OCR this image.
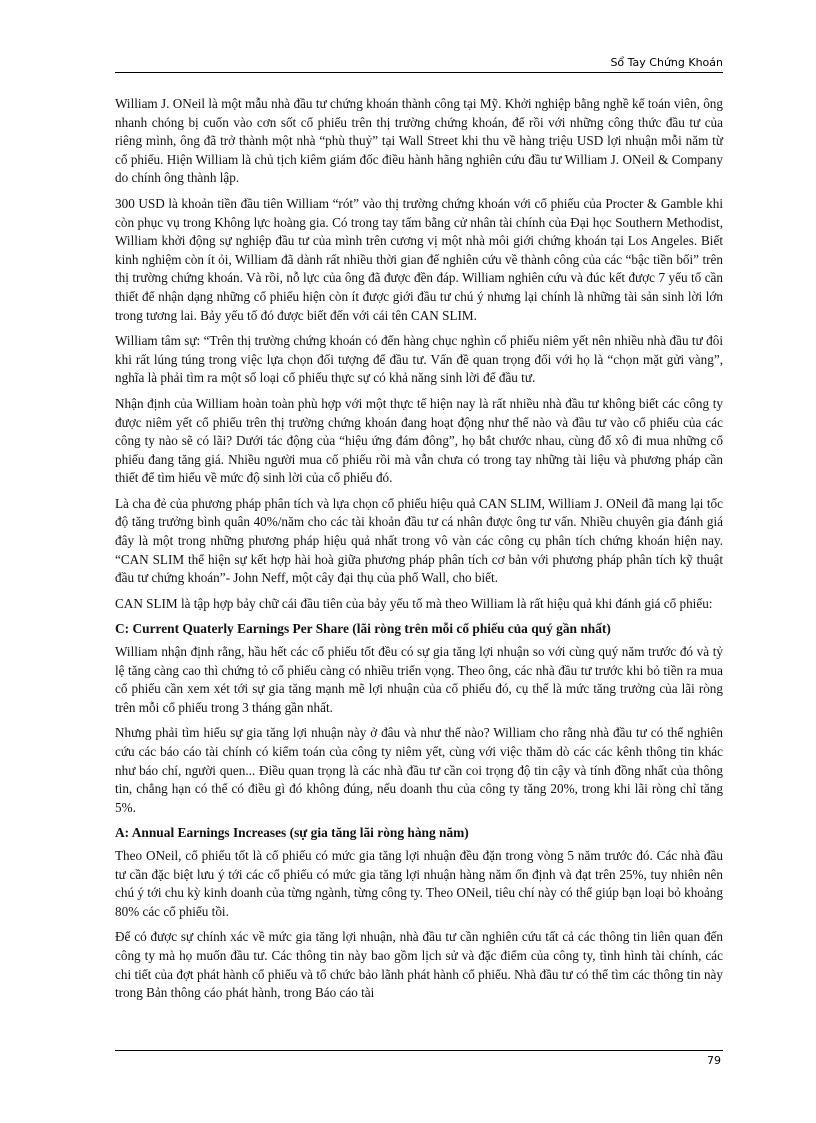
Sổ Tay Chứng Khoán

William J. ONeil là một mẫu nhà đầu tư chứng khoán thành công tại Mỹ. Khởi nghiệp bằng nghề kế toán viên, ông nhanh chóng bị cuốn vào cơn sốt cổ phiếu trên thị trường chứng khoán, để rồi với những công thức đầu tư của riêng mình, ông đã trở thành một nhà “phù thuỷ” tại Wall Street khi thu về hàng triệu USD lợi nhuận mỗi năm từ cổ phiếu. Hiện William là chủ tịch kiêm giám đốc điều hành hãng nghiên cứu đầu tư William J. ONeil & Company do chính ông thành lập.

300 USD là khoản tiền đầu tiên William “rót” vào thị trường chứng khoán với cổ phiếu của Procter & Gamble khi còn phục vụ trong Không lực hoàng gia. Có trong tay tấm bằng cử nhân tài chính của Đại học Southern Methodist, William khởi động sự nghiệp đầu tư của mình trên cương vị một nhà môi giới chứng khoán tại Los Angeles. Biết kinh nghiệm còn ít ỏi, William đã dành rất nhiều thời gian để nghiên cứu về thành công của các “bậc tiền bối” trên thị trường chứng khoán. Và rồi, nỗ lực của ông đã được đền đáp. William nghiên cứu và đúc kết được 7 yếu tố cần thiết để nhận dạng những cổ phiếu hiện còn ít được giới đầu tư chú ý nhưng lại chính là những tài sản sinh lời lớn trong tương lai. Bảy yếu tố đó được biết đến với cái tên CAN SLIM.

William tâm sự: “Trên thị trường chứng khoán có đến hàng chục nghìn cổ phiếu niêm yết nên nhiều nhà đầu tư đôi khi rất lúng túng trong việc lựa chọn đối tượng để đầu tư. Vấn đề quan trọng đối với họ là “chọn mặt gửi vàng”, nghĩa là phải tìm ra một số loại cổ phiếu thực sự có khả năng sinh lời để đầu tư.

Nhận định của William hoàn toàn phù hợp với một thực tế hiện nay là rất nhiều nhà đầu tư không biết các công ty được niêm yết cổ phiếu trên thị trường chứng khoán đang hoạt động như thế nào và đầu tư vào cổ phiếu của các công ty nào sẽ có lãi? Dưới tác động của “hiệu ứng đám đông”, họ bắt chước nhau, cùng đổ xô đi mua những cổ phiếu đang tăng giá. Nhiều người mua cổ phiếu rồi mà vẫn chưa có trong tay những tài liệu và phương pháp cần thiết để tìm hiểu về mức độ sinh lời của cổ phiếu đó.

Là cha đẻ của phương pháp phân tích và lựa chọn cổ phiếu hiệu quả CAN SLIM, William J. ONeil đã mang lại tốc độ tăng trưởng bình quân 40%/năm cho các tài khoản đầu tư cá nhân được ông tư vấn. Nhiều chuyên gia đánh giá đây là một trong những phương pháp hiệu quả nhất trong vô vàn các công cụ phân tích chứng khoán hiện nay. “CAN SLIM thể hiện sự kết hợp hài hoà giữa phương pháp phân tích cơ bản với phương pháp phân tích kỹ thuật đầu tư chứng khoán”- John Neff, một cây đại thụ của phố Wall, cho biết.

CAN SLIM là tập hợp bảy chữ cái đầu tiên của bảy yếu tố mà theo William là rất hiệu quả khi đánh giá cổ phiếu:

C: Current Quaterly Earnings Per Share (lãi ròng trên mỗi cổ phiếu của quý gần nhất)

William nhận định rằng, hầu hết các cổ phiếu tốt đều có sự gia tăng lợi nhuận so với cùng quý năm trước đó và tỷ lệ tăng càng cao thì chứng tỏ cổ phiếu càng có nhiều triển vọng. Theo ông, các nhà đầu tư trước khi bỏ tiền ra mua cổ phiếu cần xem xét tới sự gia tăng mạnh mẽ lợi nhuận của cổ phiếu đó, cụ thể là mức tăng trưởng của lãi ròng trên mỗi cổ phiếu trong 3 tháng gần nhất.

Nhưng phải tìm hiểu sự gia tăng lợi nhuận này ở đâu và như thế nào? William cho rằng nhà đầu tư có thể nghiên cứu các báo cáo tài chính có kiểm toán của công ty niêm yết, cùng với việc thăm dò các các kênh thông tin khác như báo chí, người quen... Điều quan trọng là các nhà đầu tư cần coi trọng độ tin cậy và tính đồng nhất của thông tin, chẳng hạn có thể có điều gì đó không đúng, nếu doanh thu của công ty tăng 20%, trong khi lãi ròng chỉ tăng 5%.

A: Annual Earnings Increases (sự gia tăng lãi ròng hàng năm)

Theo ONeil, cổ phiếu tốt là cổ phiếu có mức gia tăng lợi nhuận đều đặn trong vòng 5 năm trước đó. Các nhà đầu tư cần đặc biệt lưu ý tới các cổ phiếu có mức gia tăng lợi nhuận hàng năm ổn định và đạt trên 25%, tuy nhiên nên chú ý tới chu kỳ kinh doanh của từng ngành, từng công ty. Theo ONeil, tiêu chí này có thể giúp bạn loại bỏ khoảng 80% các cổ phiếu tồi.

Để có được sự chính xác về mức gia tăng lợi nhuận, nhà đầu tư cần nghiên cứu tất cả các thông tin liên quan đến công ty mà họ muốn đầu tư. Các thông tin này bao gồm lịch sử và đặc điểm của công ty, tình hình tài chính, các chi tiết của đợt phát hành cổ phiếu và tổ chức bảo lãnh phát hành cổ phiếu. Nhà đầu tư có thể tìm các thông tin này trong Bản thông cáo phát hành, trong Báo cáo tài

79
